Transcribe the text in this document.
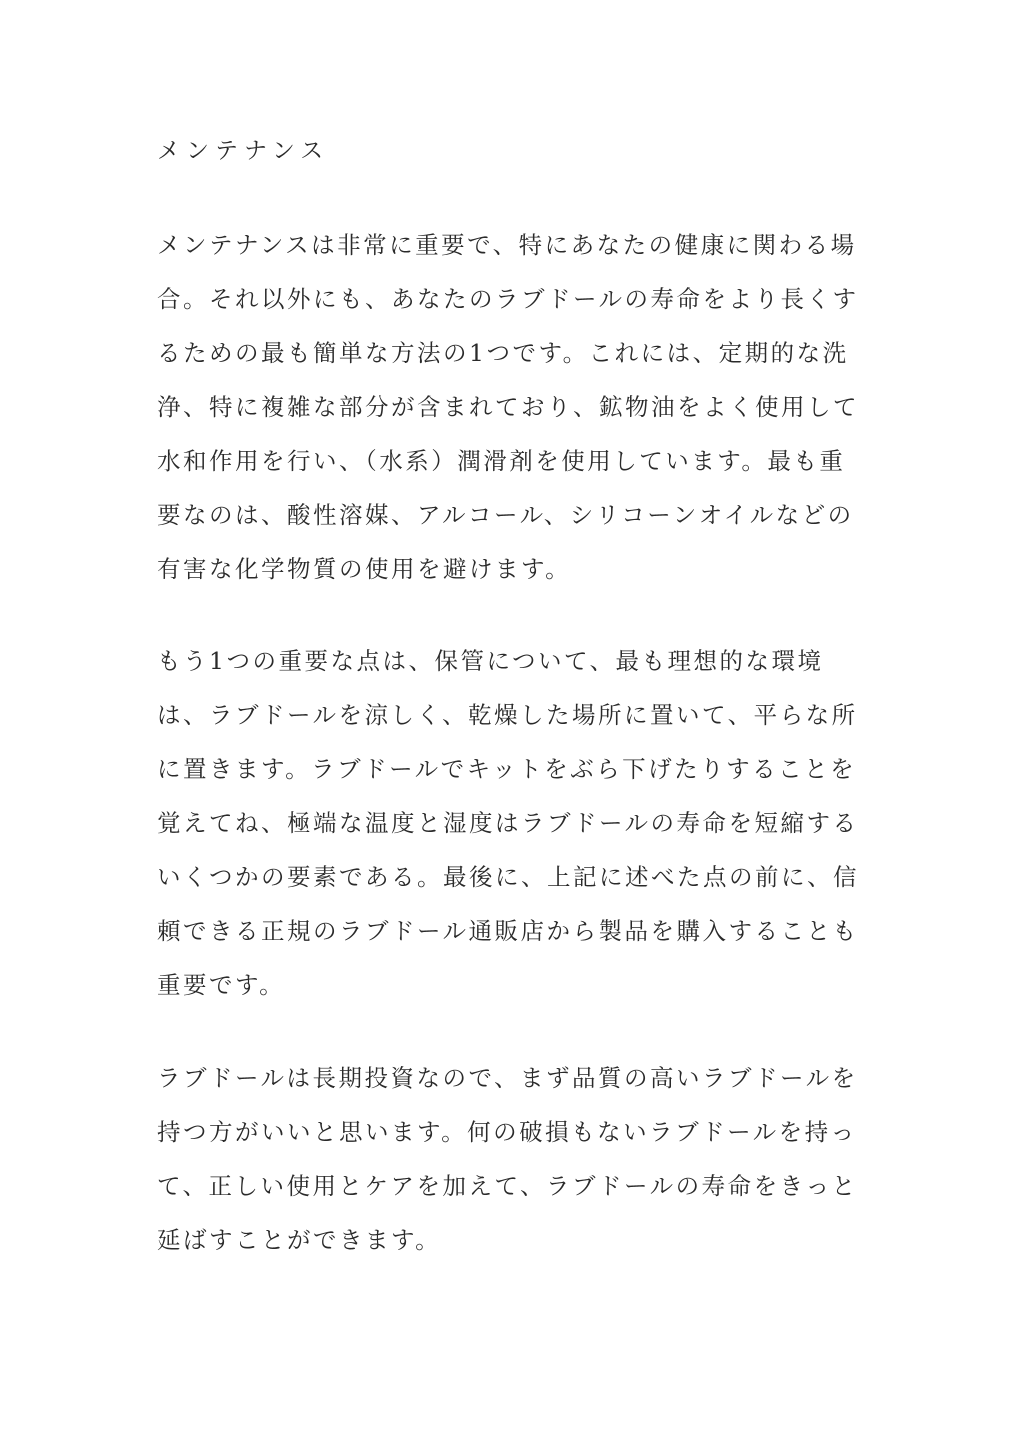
メンテナンス
メンテナンスは非常に重要で、特にあなたの健康に関わる場
合。それ以外にも、あなたのラブドールの寿命をより長くす
るための最も簡単な方法の1つです。これには、定期的な洗
浄、特に複雑な部分が含まれており、鉱物油をよく使用して
水和作用を行い、（水系）潤滑剤を使用しています。最も重
要なのは、酸性溶媒、アルコール、シリコーンオイルなどの
有害な化学物質の使用を避けます。
もう1つの重要な点は、保管について、最も理想的な環境
は、ラブドールを涼しく、乾燥した場所に置いて、平らな所
に置きます。ラブドールでキットをぶら下げたりすることを
覚えてね、極端な温度と湿度はラブドールの寿命を短縮する
いくつかの要素である。最後に、上記に述べた点の前に、信
頼できる正規のラブドール通販店から製品を購入することも
重要です。
ラブドールは長期投資なので、まず品質の高いラブドールを
持つ方がいいと思います。何の破損もないラブドールを持っ
て、正しい使用とケアを加えて、ラブドールの寿命をきっと
延ばすことができます。
